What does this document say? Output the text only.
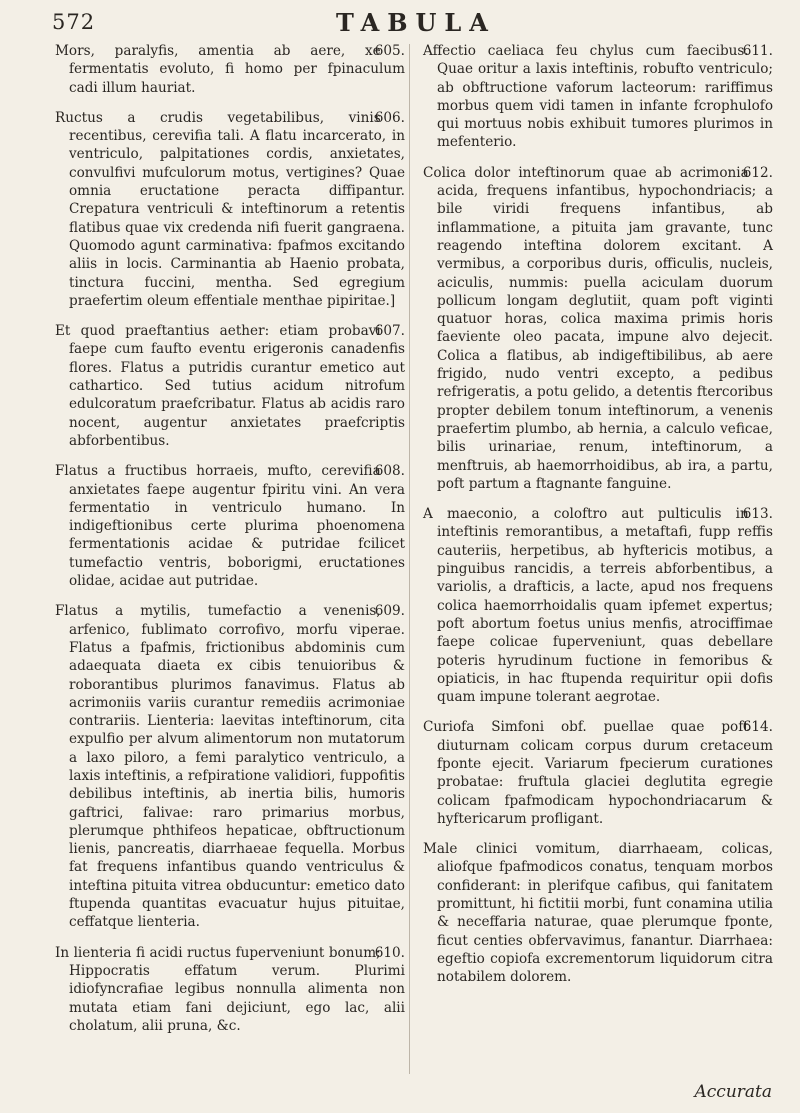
572	TABULA

605.
Mors, paralyfis, amentia ab aere, xe fermentatis evoluto, fi homo per fpinaculum cadi illum hauriat.

606.
Ructus a crudis vegetabilibus, vinis recentibus, cerevifia tali. A flatu incarcerato, in ventriculo, palpitationes cordis, anxietates, convulfivi mufculorum motus, vertigines? Quae omnia eructatione peracta diffipantur. Crepatura ventriculi & inteftinorum a retentis flatibus quae vix credenda nifi fuerit gangraena. Quomodo agunt carminativa: fpafmos excitando aliis in locis. Carminantia ab Haenio probata, tinctura fuccini, mentha. Sed egregium praefertim oleum effentiale menthae pipiritae.]

607.
Et quod praeftantius aether: etiam probavi faepe cum faufto eventu erigeronis canadenfis flores. Flatus a putridis curantur emetico aut cathartico. Sed tutius acidum nitrofum edulcoratum praefcribatur. Flatus ab acidis raro nocent, augentur anxietates praefcriptis abforbentibus.

608.
Flatus a fructibus horraeis, mufto, cerevifia anxietates faepe augentur fpiritu vini. An vera fermentatio in ventriculo humano. In indigeftionibus certe plurima phoenomena fermentationis acidae & putridae fcilicet tumefactio ventris, boborigmi, eructationes olidae, acidae aut putridae.

609.
Flatus a mytilis, tumefactio a venenis, arfenico, fublimato corrofivo, morfu viperae. Flatus a fpafmis, frictionibus abdominis cum adaequata diaeta ex cibis tenuioribus & roborantibus plurimos fanavimus. Flatus ab acrimoniis variis curantur remediis acrimoniae contrariis. Lienteria: laevitas inteftinorum, cita expulfio per alvum alimentorum non mutatorum a laxo piloro, a femi paralytico ventriculo, a laxis inteftinis, a refpiratione validiori, fuppofitis debilibus inteftinis, ab inertia bilis, humoris gaftrici, falivae: raro primarius morbus, plerumque phthifeos hepaticae, obftructionum lienis, pancreatis, diarrhaeae fequella. Morbus fat frequens infantibus quando ventriculus & inteftina pituita vitrea obducuntur: emetico dato ftupenda quantitas evacuatur hujus pituitae, ceffatque lienteria.

610.
In lienteria fi acidi ructus fuperveniunt bonum; Hippocratis effatum verum. Plurimi idiofyncrafiae legibus nonnulla alimenta non mutata etiam fani dejiciunt, ego lac, alii cholatum, alii pruna, &c.

611.
Affectio caeliaca feu chylus cum faecibus. Quae oritur a laxis inteftinis, robufto ventriculo; ab obftructione vaforum lacteorum: rariffimus morbus quem vidi tamen in infante fcrophulofo qui mortuus nobis exhibuit tumores plurimos in mefenterio.

612.
Colica dolor inteftinorum quae ab acrimonia acida, frequens infantibus, hypochondriacis; a bile viridi frequens infantibus, ab inflammatione, a pituita jam gravante, tunc reagendo inteftina dolorem excitant. A vermibus, a corporibus duris, officulis, nucleis, aciculis, nummis: puella aciculam duorum pollicum longam deglutiit, quam poft viginti quatuor horas, colica maxima primis horis faeviente oleo pacata, impune alvo dejecit. Colica a flatibus, ab indigeftibilibus, ab aere frigido, nudo ventri excepto, a pedibus refrigeratis, a potu gelido, a detentis ftercoribus propter debilem tonum inteftinorum, a venenis praefertim plumbo, ab hernia, a calculo veficae, bilis urinariae, renum, inteftinorum, a menftruis, ab haemorrhoidibus, ab ira, a partu, poft partum a ftagnante fanguine.

613.
A maeconio, a coloftro aut pulticulis in inteftinis remorantibus, a metaftafi, fupp reffis cauteriis, herpetibus, ab hyftericis motibus, a pinguibus rancidis, a terreis abforbentibus, a variolis, a drafticis, a lacte, apud nos frequens colica haemorrhoidalis quam ipfemet expertus; poft abortum foetus unius menfis, atrociffimae faepe colicae fuperveniunt, quas debellare poteris hyrudinum fuctione in femoribus & opiaticis, in hac ftupenda requiritur opii dofis quam impune tolerant aegrotae.

614.
Curiofa Simfoni obf. puellae quae poft diuturnam colicam corpus durum cretaceum fponte ejecit. Variarum fpecierum curationes probatae: fruftula glaciei deglutita egregie colicam fpafmodicam hypochondriacarum & hyftericarum profligant.

Male clinici vomitum, diarrhaeam, colicas, aliofque fpafmodicos conatus, tenquam morbos confiderant: in plerifque cafibus, qui fanitatem promittunt, hi fictitii morbi, funt conamina utilia & neceffaria naturae, quae plerumque fponte, ficut centies obfervavimus, fanantur. Diarrhaea: egeftio copiofa excrementorum liquidorum citra notabilem dolorem.

Accurata
